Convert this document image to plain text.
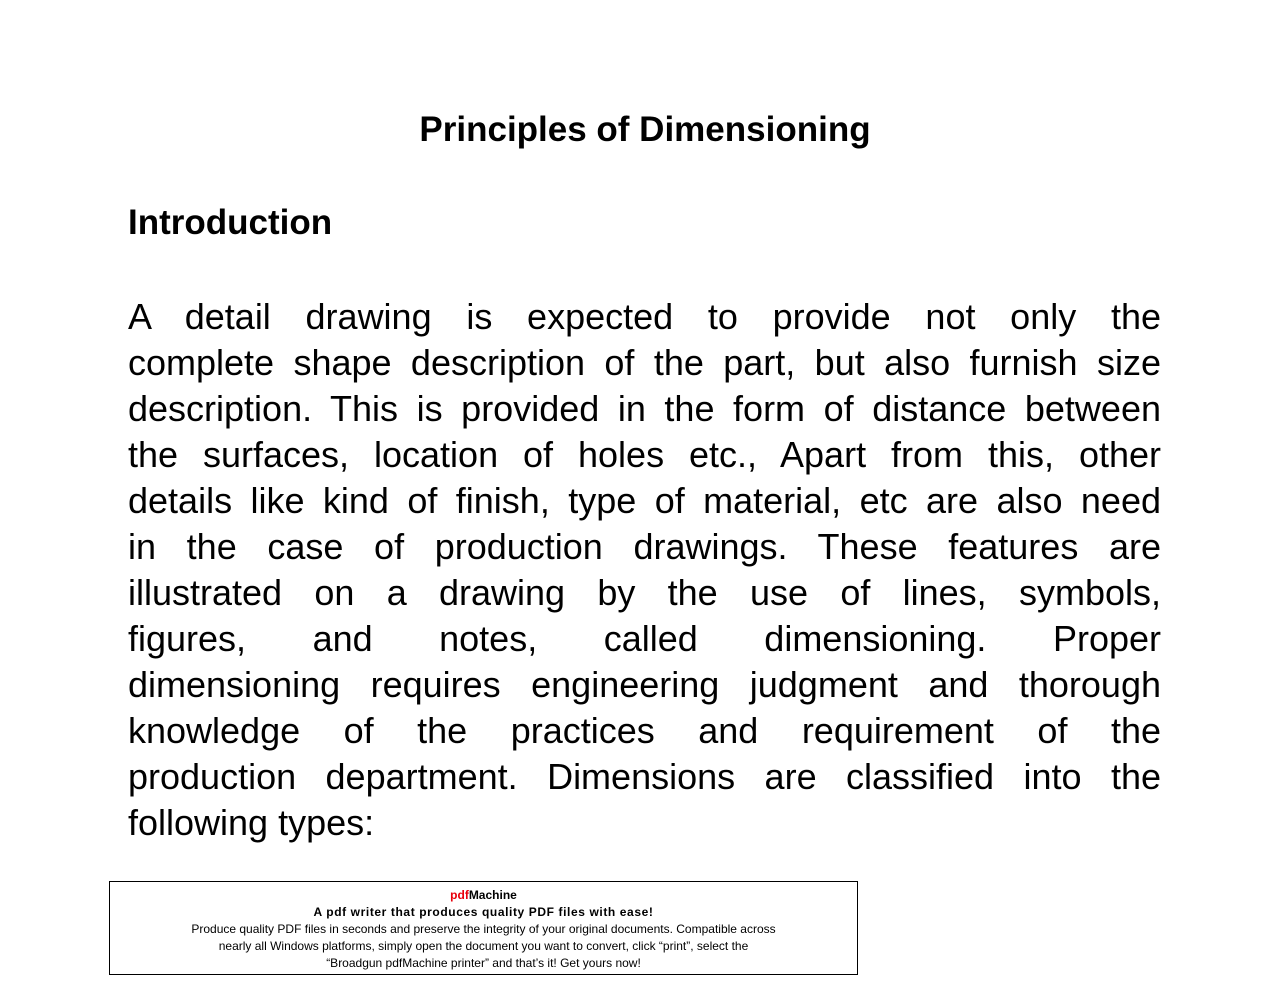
Principles of Dimensioning
Introduction
A detail drawing is expected to provide not only the
complete shape description of the part, but also furnish size
description. This is provided in the form of distance between
the surfaces, location of holes etc., Apart from this, other
details like kind of finish, type of material, etc are also need
in the case of production drawings. These features are
illustrated on a drawing by the use of lines, symbols,
figures, and notes, called dimensioning. Proper
dimensioning requires engineering judgment and thorough
knowledge of the practices and requirement of the
production department. Dimensions are classified into the
following types:
pdfMachine
A pdf writer that produces quality PDF files with ease!
Produce quality PDF files in seconds and preserve the integrity of your original documents. Compatible across
nearly all Windows platforms, simply open the document you want to convert, click “print”, select the
“Broadgun pdfMachine printer” and that’s it! Get yours now!
